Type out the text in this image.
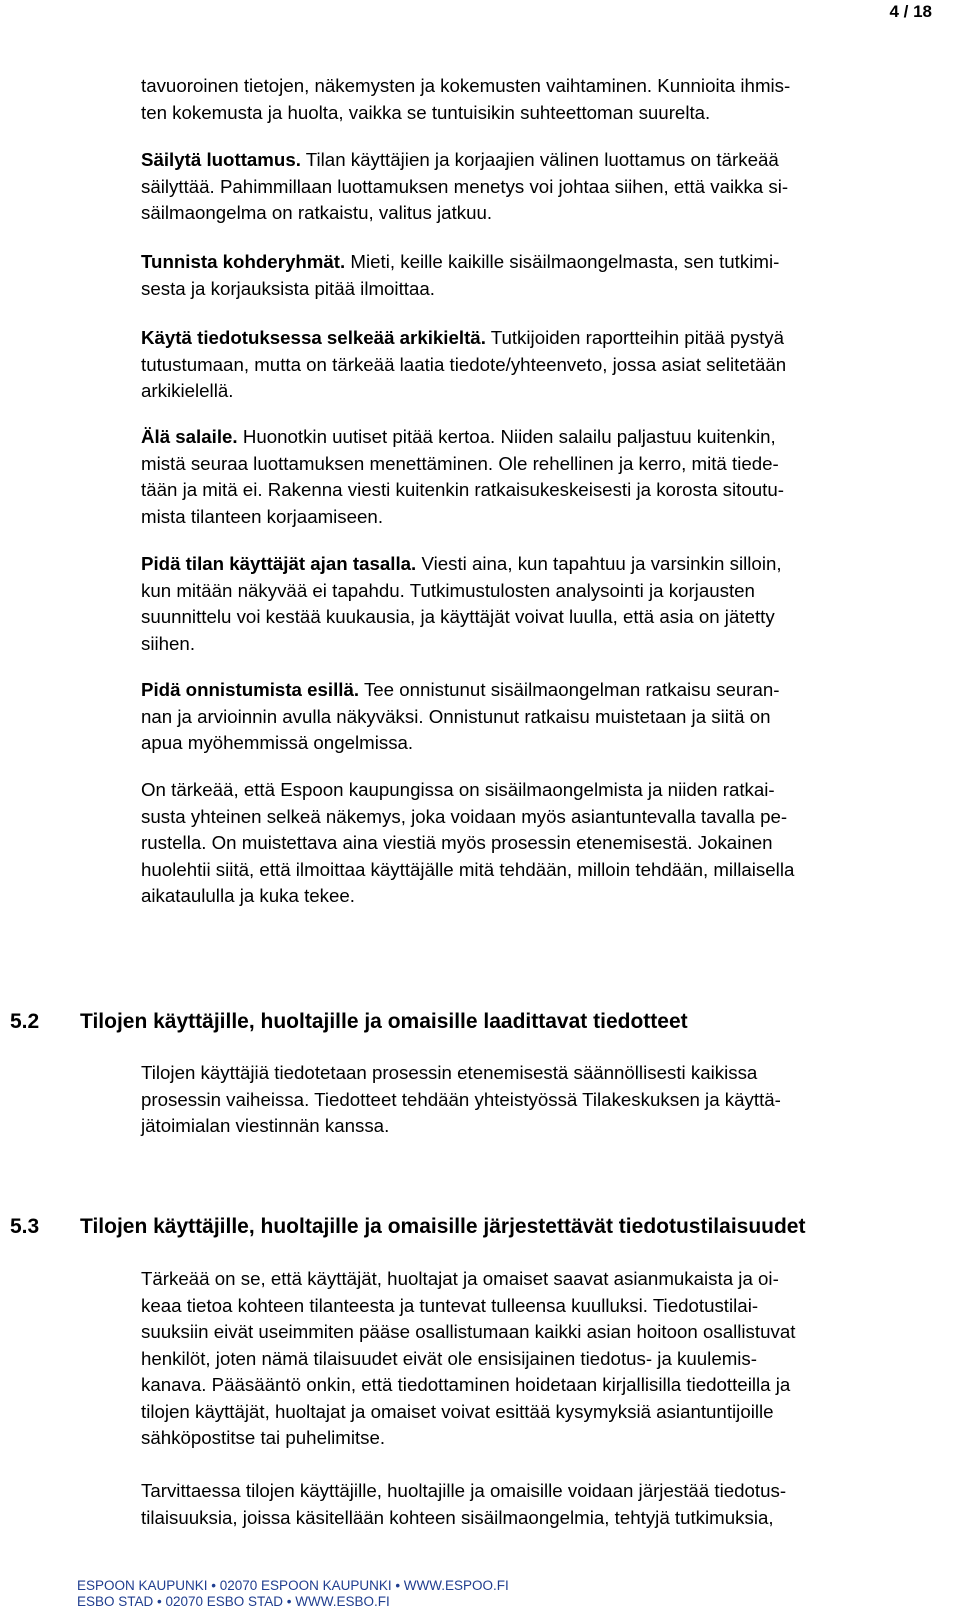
4 / 18
tavuoroinen tietojen, näkemysten ja kokemusten vaihtaminen. Kunnioita ihmis-
ten kokemusta ja huolta, vaikka se tuntuisikin suhteettoman suurelta.
Säilytä luottamus. Tilan käyttäjien ja korjaajien välinen luottamus on tärkeää
säilyttää. Pahimmillaan luottamuksen menetys voi johtaa siihen, että vaikka si-
säilmaongelma on ratkaistu, valitus jatkuu.
Tunnista kohderyhmät. Mieti, keille kaikille sisäilmaongelmasta, sen tutkimi-
sesta ja korjauksista pitää ilmoittaa.
Käytä tiedotuksessa selkeää arkikieltä. Tutkijoiden raportteihin pitää pystyä
tutustumaan, mutta on tärkeää laatia tiedote/yhteenveto, jossa asiat selitetään
arkikielellä.
Älä salaile. Huonotkin uutiset pitää kertoa. Niiden salailu paljastuu kuitenkin,
mistä seuraa luottamuksen menettäminen. Ole rehellinen ja kerro, mitä tiede-
tään ja mitä ei. Rakenna viesti kuitenkin ratkaisukeskeisesti ja korosta sitoutu-
mista tilanteen korjaamiseen.
Pidä tilan käyttäjät ajan tasalla. Viesti aina, kun tapahtuu ja varsinkin silloin,
kun mitään näkyvää ei tapahdu. Tutkimustulosten analysointi ja korjausten
suunnittelu voi kestää kuukausia, ja käyttäjät voivat luulla, että asia on jätetty
siihen.
Pidä onnistumista esillä. Tee onnistunut sisäilmaongelman ratkaisu seuran-
nan ja arvioinnin avulla näkyväksi. Onnistunut ratkaisu muistetaan ja siitä on
apua myöhemmissä ongelmissa.
On tärkeää, että Espoon kaupungissa on sisäilmaongelmista ja niiden ratkai-
susta yhteinen selkeä näkemys, joka voidaan myös asiantuntevalla tavalla pe-
rustella. On muistettava aina viestiä myös prosessin etenemisestä. Jokainen
huolehtii siitä, että ilmoittaa käyttäjälle mitä tehdään, milloin tehdään, millaisella
aikataululla ja kuka tekee.
5.2 Tilojen käyttäjille, huoltajille ja omaisille laadittavat tiedotteet
Tilojen käyttäjiä tiedotetaan prosessin etenemisestä säännöllisesti kaikissa
prosessin vaiheissa. Tiedotteet tehdään yhteistyössä Tilakeskuksen ja käyttä-
jätoimialan viestinnän kanssa.
5.3 Tilojen käyttäjille, huoltajille ja omaisille järjestettävät tiedotustilaisuudet
Tärkeää on se, että käyttäjät, huoltajat ja omaiset saavat asianmukaista ja oi-
keaa tietoa kohteen tilanteesta ja tuntevat tulleensa kuulluksi. Tiedotustilai-
suuksiin eivät useimmiten pääse osallistumaan kaikki asian hoitoon osallistuvat
henkilöt, joten nämä tilaisuudet eivät ole ensisijainen tiedotus- ja kuulemis-
kanava. Pääsääntö onkin, että tiedottaminen hoidetaan kirjallisilla tiedotteilla ja
tilojen käyttäjät, huoltajat ja omaiset voivat esittää kysymyksiä asiantuntijoille
sähköpostitse tai puhelimitse.
Tarvittaessa tilojen käyttäjille, huoltajille ja omaisille voidaan järjestää tiedotus-
tilaisuuksia, joissa käsitellään kohteen sisäilmaongelmia, tehtyjä tutkimuksia,
ESPOON KAUPUNKI • 02070 ESPOON KAUPUNKI • WWW.ESPOO.FI
ESBO STAD • 02070 ESBO STAD • WWW.ESBO.FI
